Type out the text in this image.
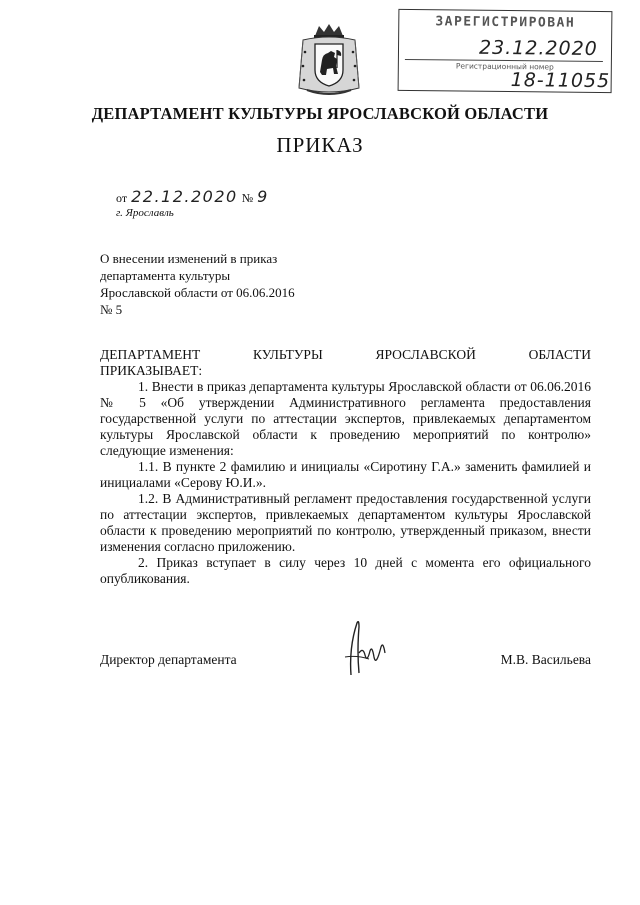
ЗАРЕГИСТРИРОВАН
23.12.2020
Регистрационный номер
18-11055
ДЕПАРТАМЕНТ КУЛЬТУРЫ ЯРОСЛАВСКОЙ ОБЛАСТИ
ПРИКАЗ
от 22.12.2020 № 9
г. Ярославль
О внесении изменений в приказ
департамента культуры
Ярославской области от 06.06.2016
№ 5

ДЕПАРТАМЕНТ КУЛЬТУРЫ ЯРОСЛАВСКОЙ ОБЛАСТИ

ПРИКАЗЫВАЕТ:

1. Внести в приказ департамента культуры Ярославской области от 06.06.2016 № 5 «Об утверждении Административного регламента предоставления государственной услуги по аттестации экспертов, привлекаемых департаментом культуры Ярославской области к проведению мероприятий по контролю» следующие изменения:

1.1. В пункте 2 фамилию и инициалы «Сиротину Г.А.» заменить фамилией и инициалами «Серову Ю.И.».

1.2. В Административный регламент предоставления государственной услуги по аттестации экспертов, привлекаемых департаментом культуры Ярославской области к проведению мероприятий по контролю, утвержденный приказом, внести изменения согласно приложению.

2. Приказ вступает в силу через 10 дней с момента его официального опубликования.

Директор департамента	М.В. Васильева
